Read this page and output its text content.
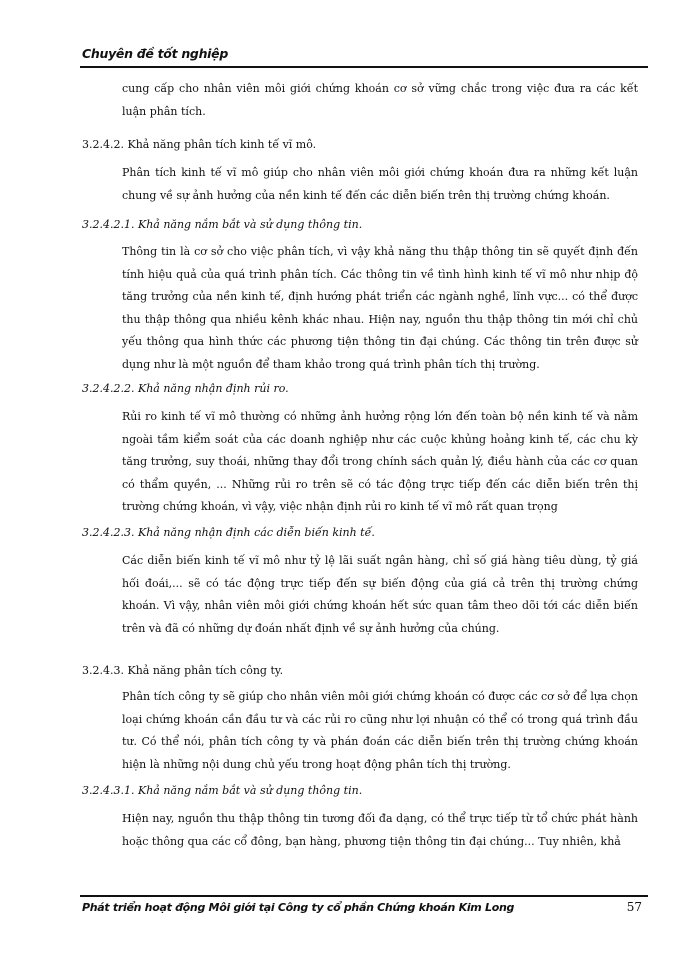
Chuyên đề tốt nghiệp

cung cấp cho nhân viên môi giới chứng khoán cơ sở vững chắc trong việc đưa ra các kết luận phân tích.

3.2.4.2. Khả năng phân tích kinh tế vĩ mô.

Phân tích kinh tế vĩ mô giúp cho nhân viên môi giới chứng khoán đưa ra những kết luận chung về sự ảnh hưởng của nền kinh tế đến các diễn biến trên thị trường chứng khoán.

3.2.4.2.1. Khả năng nắm bắt và sử dụng thông tin.

Thông tin là cơ sở cho việc phân tích, vì vậy khả năng thu thập thông tin sẽ quyết định đến tính hiệu quả của quá trình phân tích. Các thông tin về tình hình kinh tế vĩ mô như nhịp độ tăng trưởng của nền kinh tế, định hướng phát triển các ngành nghề, lĩnh vực... có thể được thu thập thông qua nhiều kênh khác nhau. Hiện nay, nguồn thu thập thông tin mới chỉ chủ yếu thông qua hình thức các phương tiện thông tin đại chúng. Các thông tin trên được sử dụng như là một nguồn để tham khảo trong quá trình phân tích thị trường.

3.2.4.2.2. Khả năng nhận định rủi ro.

Rủi ro kinh tế vĩ mô thường có những ảnh hưởng rộng lớn đến toàn bộ nền kinh tế và nằm ngoài tầm kiểm soát của các doanh nghiệp như các cuộc khủng hoảng kinh tế, các chu kỳ tăng trưởng, suy thoái, những thay đổi trong chính sách quản lý, điều hành của các cơ quan có thẩm quyền, ... Những rủi ro trên sẽ có tác động trực tiếp đến các diễn biến trên thị trường chứng khoán, vì vậy, việc nhận định rủi ro kinh tế vĩ mô rất quan trọng

3.2.4.2.3. Khả năng nhận định các diễn biến kinh tế.

Các diễn biến kinh tế vĩ mô như tỷ lệ lãi suất ngân hàng, chỉ số giá hàng tiêu dùng, tỷ giá hối đoái,... sẽ có tác động trực tiếp đến sự biến động của giá cả trên thị trường chứng khoán. Vì vậy, nhân viên môi giới chứng khoán hết sức quan tâm theo dõi tới các diễn biến trên và đã có những dự đoán nhất định về sự ảnh hưởng của chúng.

3.2.4.3. Khả năng phân tích công ty.

Phân tích công ty sẽ giúp cho nhân viên môi giới chứng khoán có được các cơ sở để lựa chọn loại chứng khoán cần đầu tư và các rủi ro cũng như lợi nhuận có thể có trong quá trình đầu tư. Có thể nói, phân tích công ty và phán đoán các diễn biến trên thị trường chứng khoán hiện là những nội dung chủ yếu trong hoạt động phân tích thị trường.

3.2.4.3.1. Khả năng nắm bắt và sử dụng thông tin.

Hiện nay, nguồn thu thập thông tin tương đối đa dạng, có thể trực tiếp từ tổ chức phát hành hoặc thông qua các cổ đông, bạn hàng, phương tiện thông tin đại chúng... Tuy nhiên, khả

Phát triển hoạt động Môi giới tại Công ty cổ phần Chứng khoán Kim Long	57
